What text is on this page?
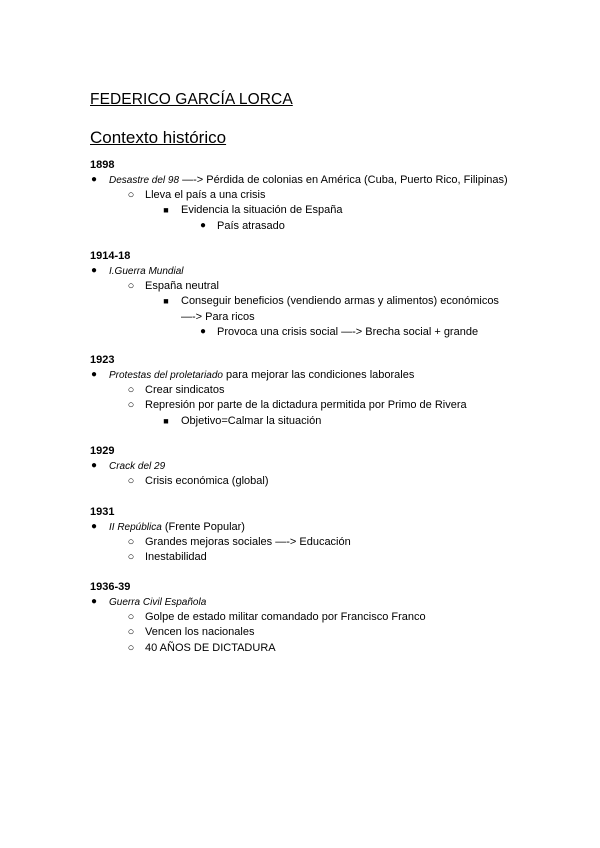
FEDERICO GARCÍA LORCA
Contexto histórico
1898
● Desastre del 98 —-> Pérdida de colonias en América (Cuba, Puerto Rico, Filipinas)
○ Lleva el país a una crisis
■ Evidencia la situación de España
● País atrasado
1914-18
● I.Guerra Mundial
○ España neutral
■ Conseguir beneficios (vendiendo armas y alimentos) económicos
—-> Para ricos
● Provoca una crisis social —-> Brecha social + grande
1923
● Protestas del proletariado para mejorar las condiciones laborales
○ Crear sindicatos
○ Represión por parte de la dictadura permitida por Primo de Rivera
■ Objetivo=Calmar la situación
1929
● Crack del 29
○ Crisis económica (global)
1931
● II República (Frente Popular)
○ Grandes mejoras sociales —-> Educación
○ Inestabilidad
1936-39
● Guerra Civil Española
○ Golpe de estado militar comandado por Francisco Franco
○ Vencen los nacionales
○ 40 AÑOS DE DICTADURA
